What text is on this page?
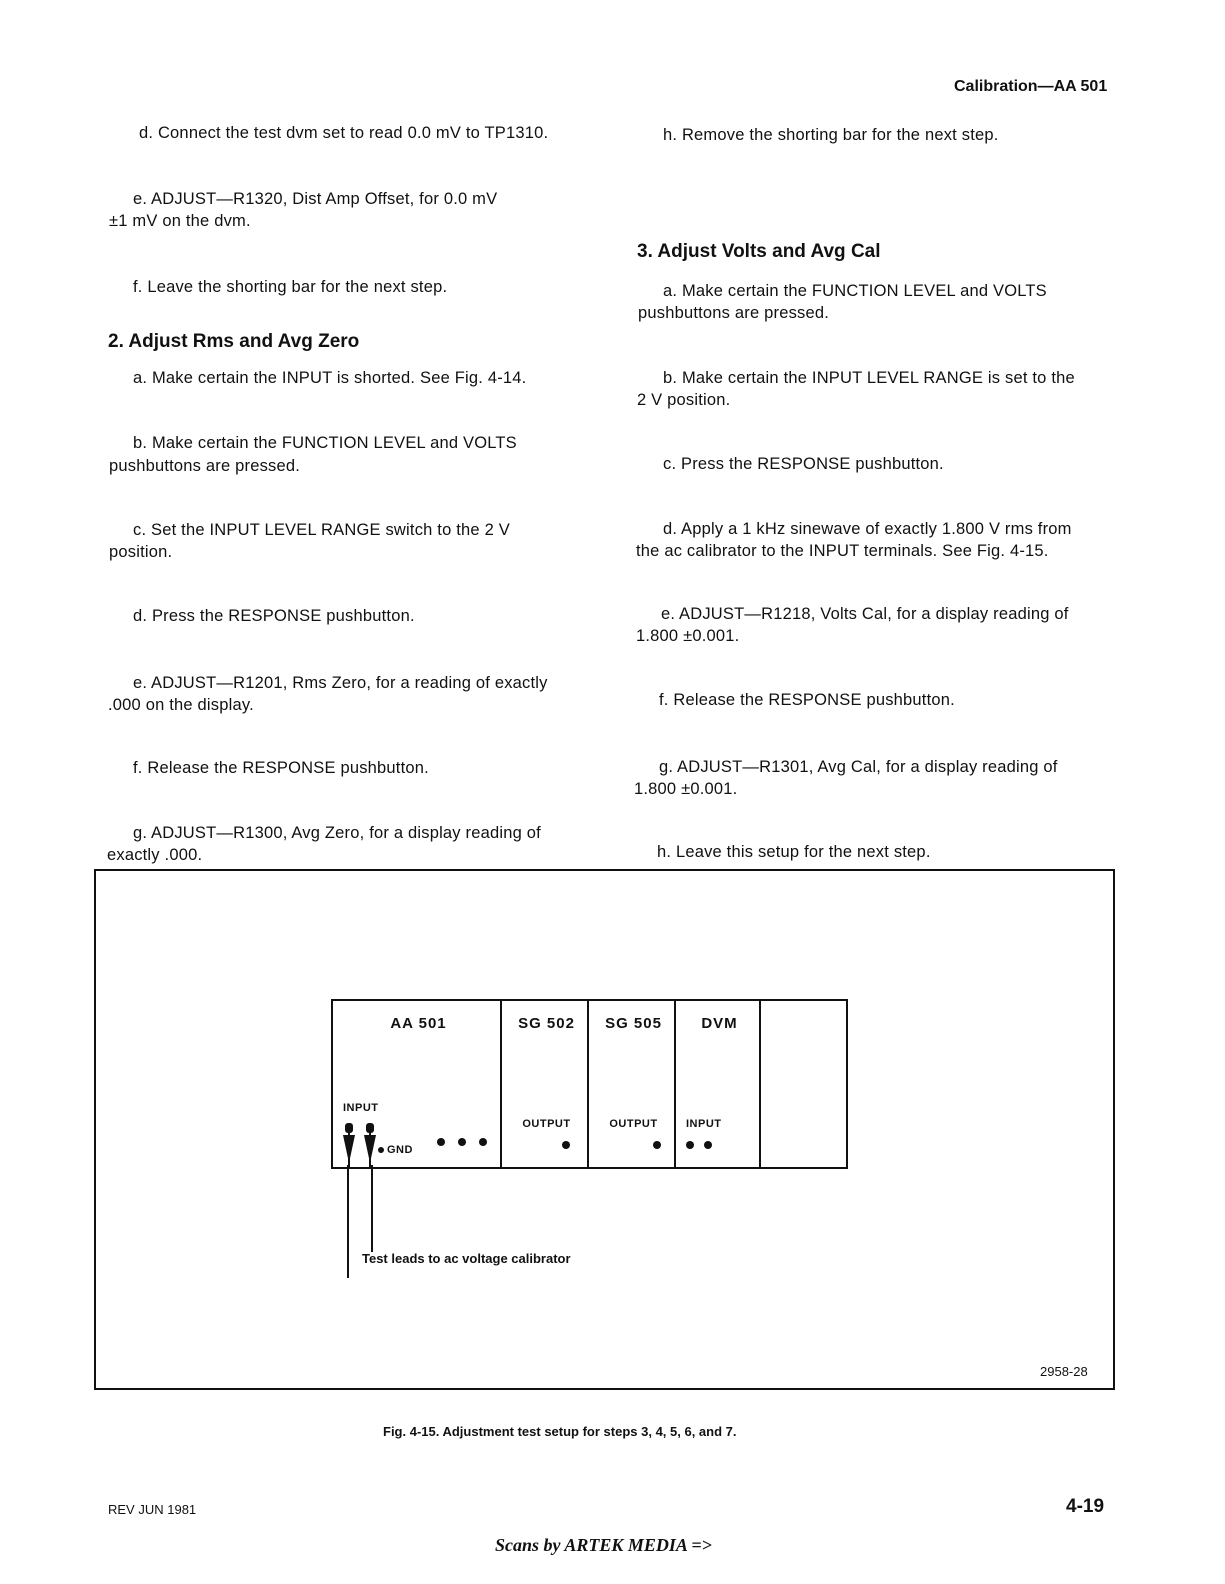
Calibration—AA 501
d. Connect the test dvm set to read 0.0 mV to TP1310.
e. ADJUST—R1320, Dist Amp Offset, for 0.0 mV
±1 mV on the dvm.
f. Leave the shorting bar for the next step.
2. Adjust Rms and Avg Zero
a. Make certain the INPUT is shorted. See Fig. 4-14.
b. Make certain the FUNCTION LEVEL and VOLTS
pushbuttons are pressed.
c. Set the INPUT LEVEL RANGE switch to the 2 V
position.
d. Press the RESPONSE pushbutton.
e. ADJUST—R1201, Rms Zero, for a reading of exactly
.000 on the display.
f. Release the RESPONSE pushbutton.
g. ADJUST—R1300, Avg Zero, for a display reading of
exactly .000.
h. Remove the shorting bar for the next step.
3. Adjust Volts and Avg Cal
a. Make certain the FUNCTION LEVEL and VOLTS
pushbuttons are pressed.
b. Make certain the INPUT LEVEL RANGE is set to the
2 V position.
c. Press the RESPONSE pushbutton.
d. Apply a 1 kHz sinewave of exactly 1.800 V rms from
the ac calibrator to the INPUT terminals. See Fig. 4-15.
e. ADJUST—R1218, Volts Cal, for a display reading of
1.800 ±0.001.
f. Release the RESPONSE pushbutton.
g. ADJUST—R1301, Avg Cal, for a display reading of
1.800 ±0.001.
h. Leave this setup for the next step.
AA 501
INPUT
GND
SG 502
OUTPUT
SG 505
OUTPUT
DVM
INPUT
Test leads to ac voltage calibrator
2958-28
Fig. 4-15. Adjustment test setup for steps 3, 4, 5, 6, and 7.
REV JUN 1981	4-19
Scans by ARTEK MEDIA =>
